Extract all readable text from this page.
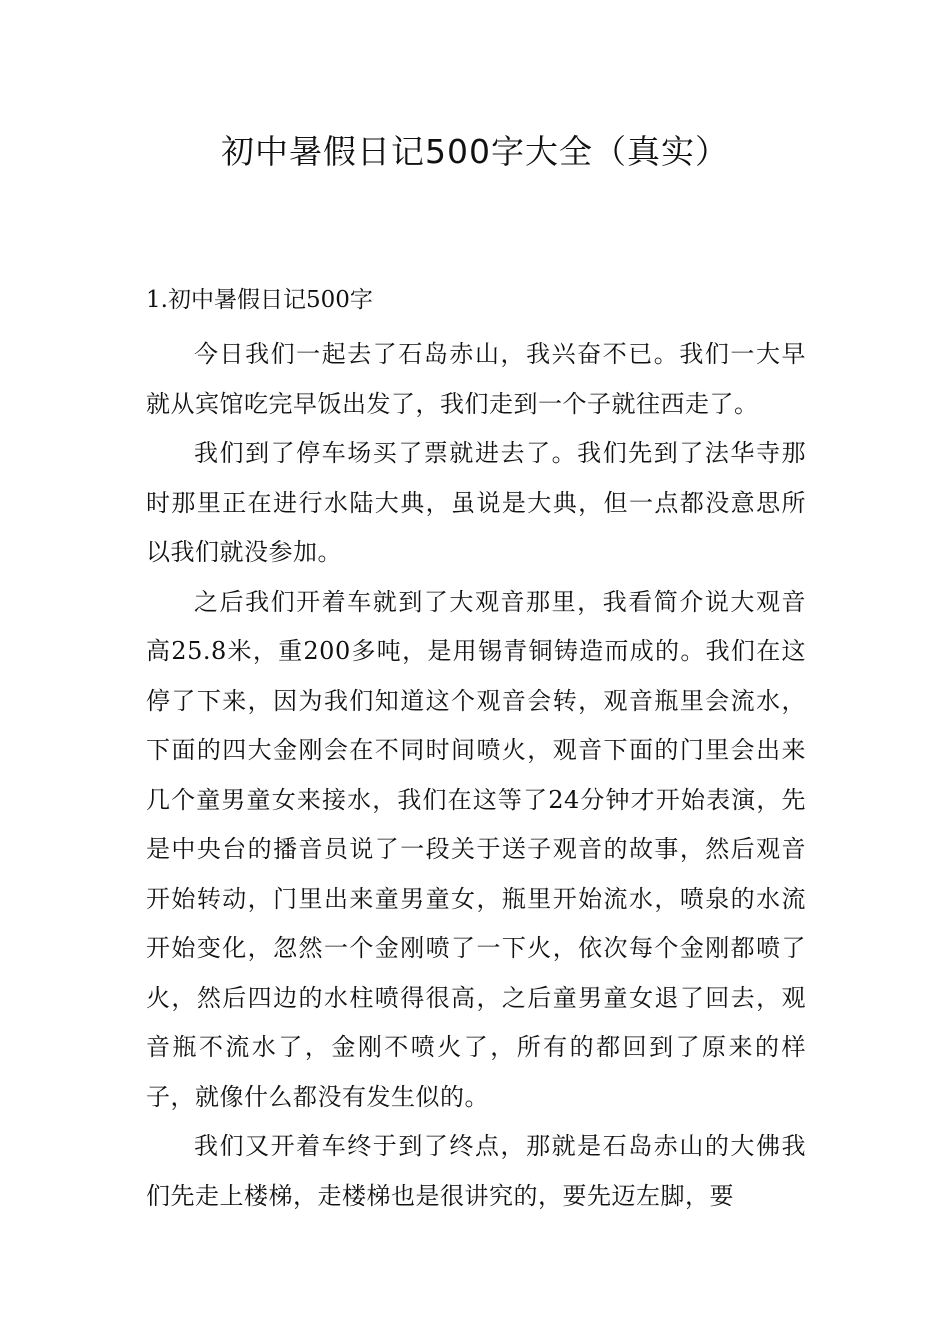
初中暑假日记500字大全（真实）
1.初中暑假日记500字

今日我们一起去了石岛赤山，我兴奋不已。我们一大早就从宾馆吃完早饭出发了，我们走到一个子就往西走了。

我们到了停车场买了票就进去了。我们先到了法华寺那时那里正在进行水陆大典，虽说是大典，但一点都没意思所以我们就没参加。

之后我们开着车就到了大观音那里，我看简介说大观音高25.8米，重200多吨，是用锡青铜铸造而成的。我们在这停了下来，因为我们知道这个观音会转，观音瓶里会流水，下面的四大金刚会在不同时间喷火，观音下面的门里会出来几个童男童女来接水，我们在这等了24分钟才开始表演，先是中央台的播音员说了一段关于送子观音的故事，然后观音开始转动，门里出来童男童女，瓶里开始流水，喷泉的水流开始变化，忽然一个金刚喷了一下火，依次每个金刚都喷了火，然后四边的水柱喷得很高，之后童男童女退了回去，观音瓶不流水了，金刚不喷火了，所有的都回到了原来的样子，就像什么都没有发生似的。

我们又开着车终于到了终点，那就是石岛赤山的大佛我们先走上楼梯，走楼梯也是很讲究的，要先迈左脚，要
